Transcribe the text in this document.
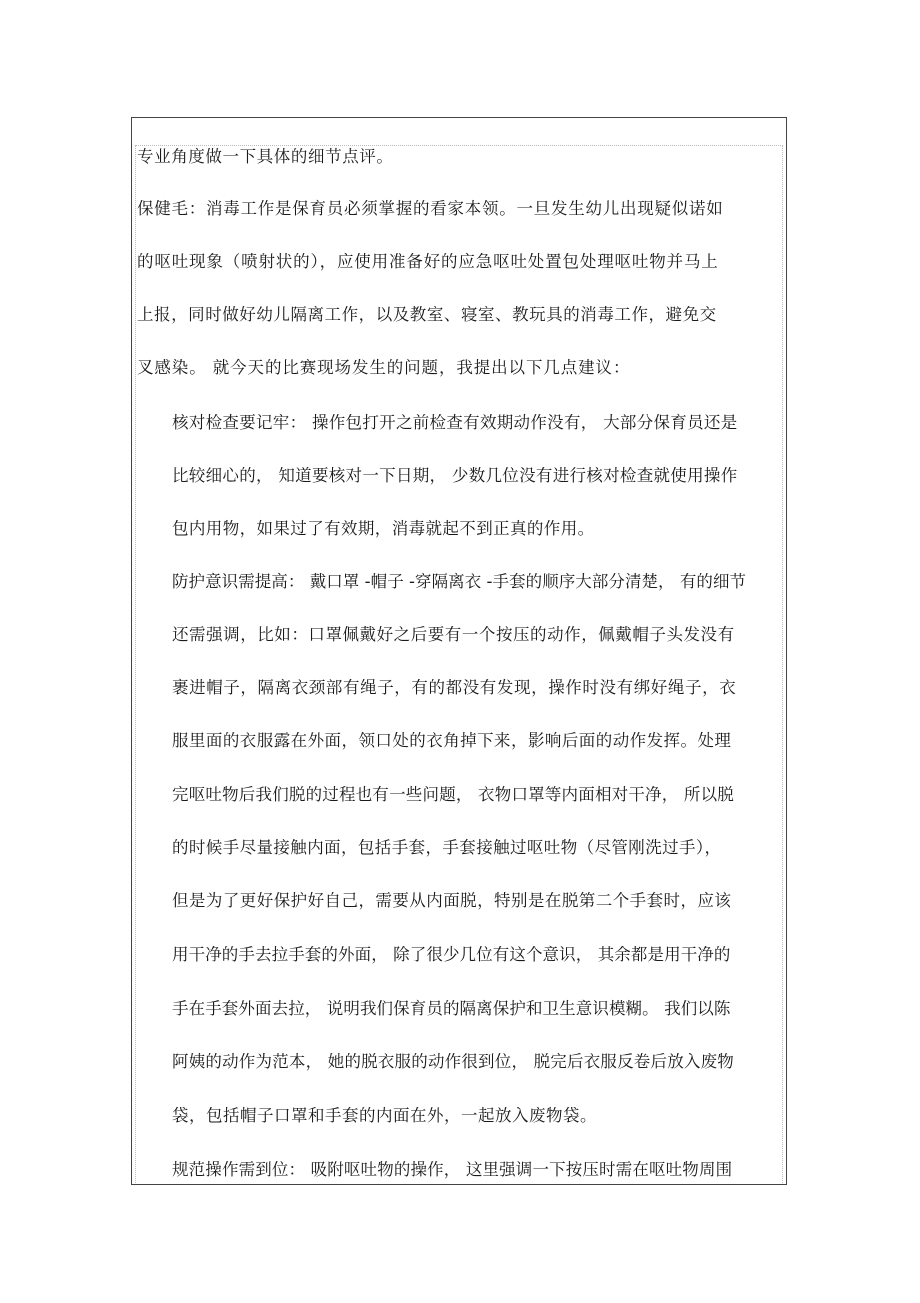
专业角度做一下具体的细节点评。
保健毛：消毒工作是保育员必须掌握的看家本领。一旦发生幼儿出现疑似诺如
的呕吐现象（喷射状的），应使用准备好的应急呕吐处置包处理呕吐物并马上
上报，同时做好幼儿隔离工作，以及教室、寝室、教玩具的消毒工作，避免交
叉感染。 就今天的比赛现场发生的问题，我提出以下几点建议：
核对检查要记牢： 操作包打开之前检查有效期动作没有， 大部分保育员还是
比较细心的， 知道要核对一下日期， 少数几位没有进行核对检查就使用操作
包内用物，如果过了有效期，消毒就起不到正真的作用。
防护意识需提高： 戴口罩 -帽子 -穿隔离衣 -手套的顺序大部分清楚， 有的细节
还需强调，比如：口罩佩戴好之后要有一个按压的动作，佩戴帽子头发没有
裹进帽子，隔离衣颈部有绳子，有的都没有发现，操作时没有绑好绳子，衣
服里面的衣服露在外面，领口处的衣角掉下来，影响后面的动作发挥。处理
完呕吐物后我们脱的过程也有一些问题， 衣物口罩等内面相对干净， 所以脱
的时候手尽量接触内面，包括手套，手套接触过呕吐物（尽管刚洗过手），
但是为了更好保护好自己，需要从内面脱，特别是在脱第二个手套时，应该
用干净的手去拉手套的外面， 除了很少几位有这个意识， 其余都是用干净的
手在手套外面去拉， 说明我们保育员的隔离保护和卫生意识模糊。 我们以陈
阿姨的动作为范本， 她的脱衣服的动作很到位， 脱完后衣服反卷后放入废物
袋，包括帽子口罩和手套的内面在外，一起放入废物袋。
规范操作需到位： 吸附呕吐物的操作， 这里强调一下按压时需在呕吐物周围
